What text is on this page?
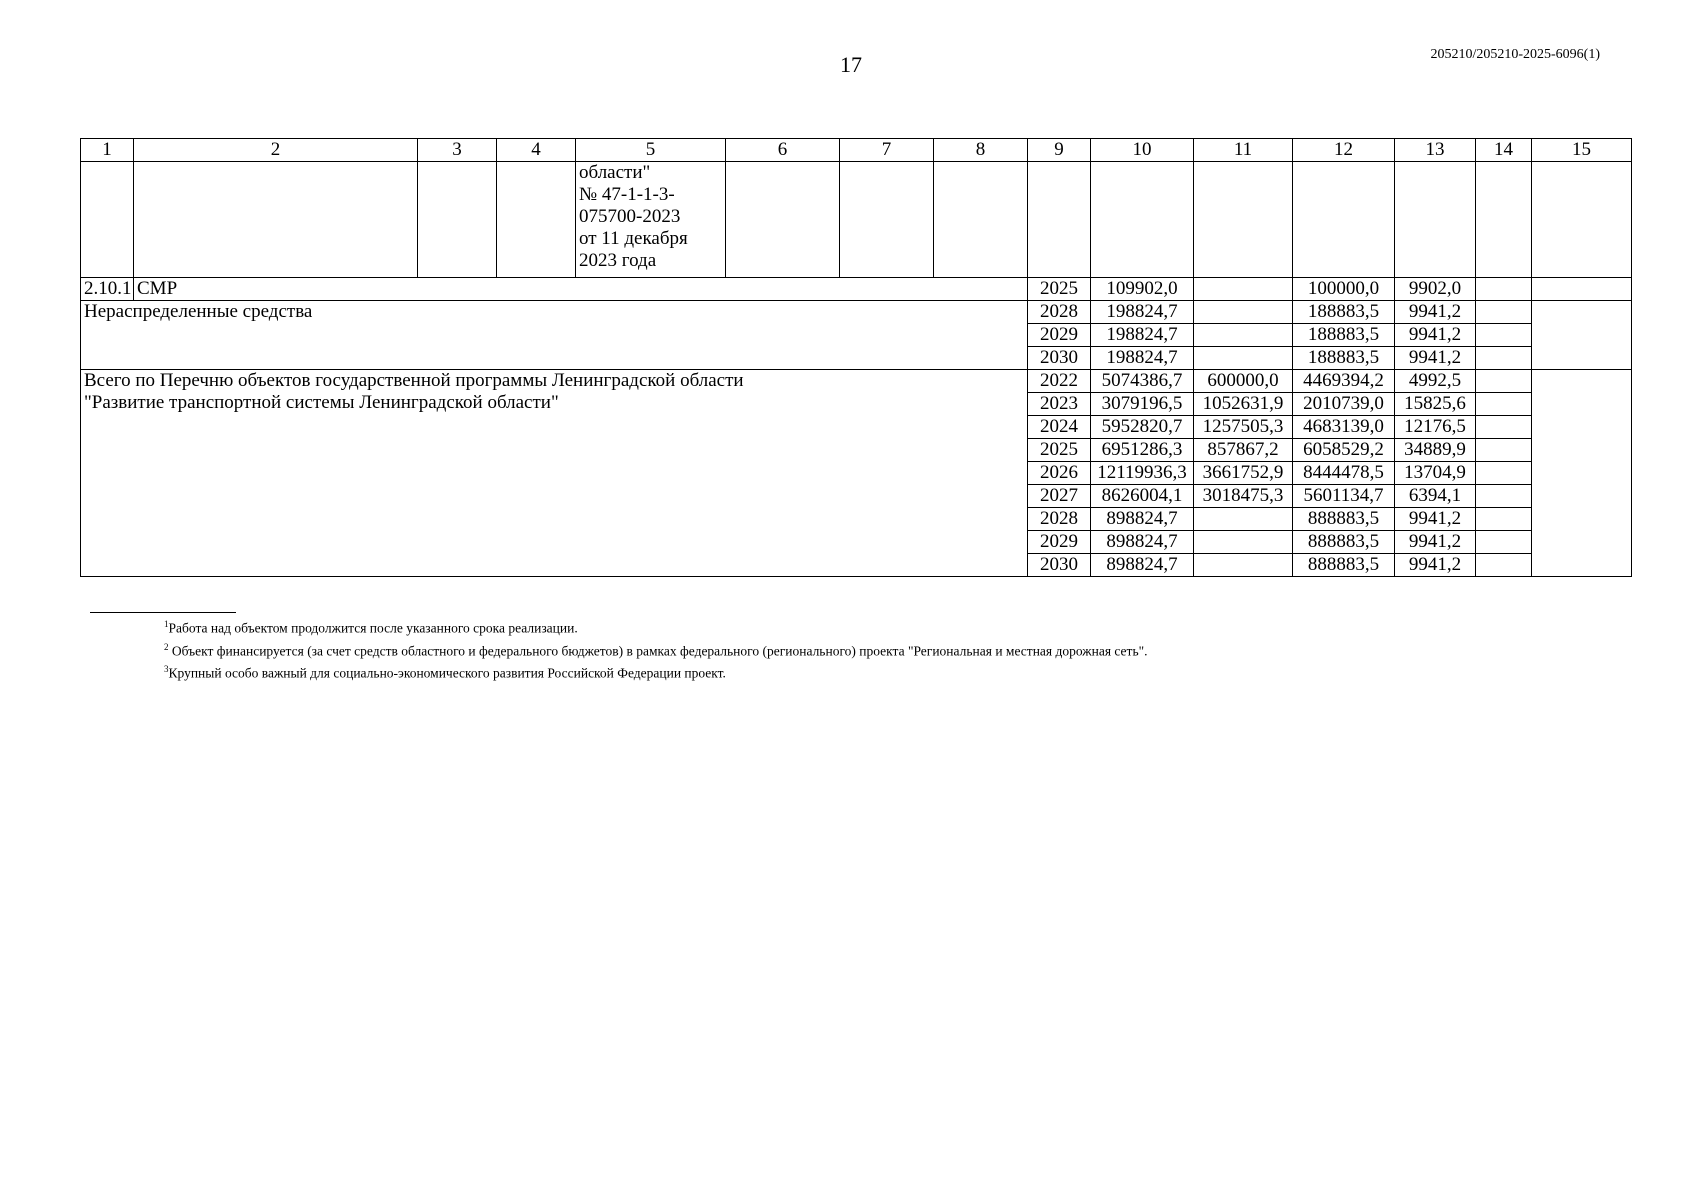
17	205210/205210-2025-6096(1)
1	2	3	4	5	6	7	8	9	10	11	12	13	14	15

				области"
№ 47-1-1-3-
075700-2023
от 11 декабря
2023 года										

2.10.1	СМР							2025	109902,0		100000,0	9902,0		

Нераспределенные средства								2028	198824,7		188883,5	9941,2		
								2029	198824,7		188883,5	9941,2		
								2030	198824,7		188883,5	9941,2		

Всего по Перечню объектов государственной программы Ленинградской области
"Развитие транспортной системы Ленинградской области"								2022	5074386,7	600000,0	4469394,2	4992,5		
								2023	3079196,5	1052631,9	2010739,0	15825,6		
								2024	5952820,7	1257505,3	4683139,0	12176,5		
								2025	6951286,3	857867,2	6058529,2	34889,9		
								2026	12119936,3	3661752,9	8444478,5	13704,9		
								2027	8626004,1	3018475,3	5601134,7	6394,1		
								2028	898824,7		888883,5	9941,2		
								2029	898824,7		888883,5	9941,2		
								2030	898824,7		888883,5	9941,2		
$^1$Работа над объектом продолжится после указанного срока реализации.
$^2$ Объект финансируется (за счет средств областного и федерального бюджетов) в рамках федерального (регионального) проекта "Региональная и местная дорожная сеть".
$^3$Крупный особо важный для социально-экономического развития Российской Федерации проект.
